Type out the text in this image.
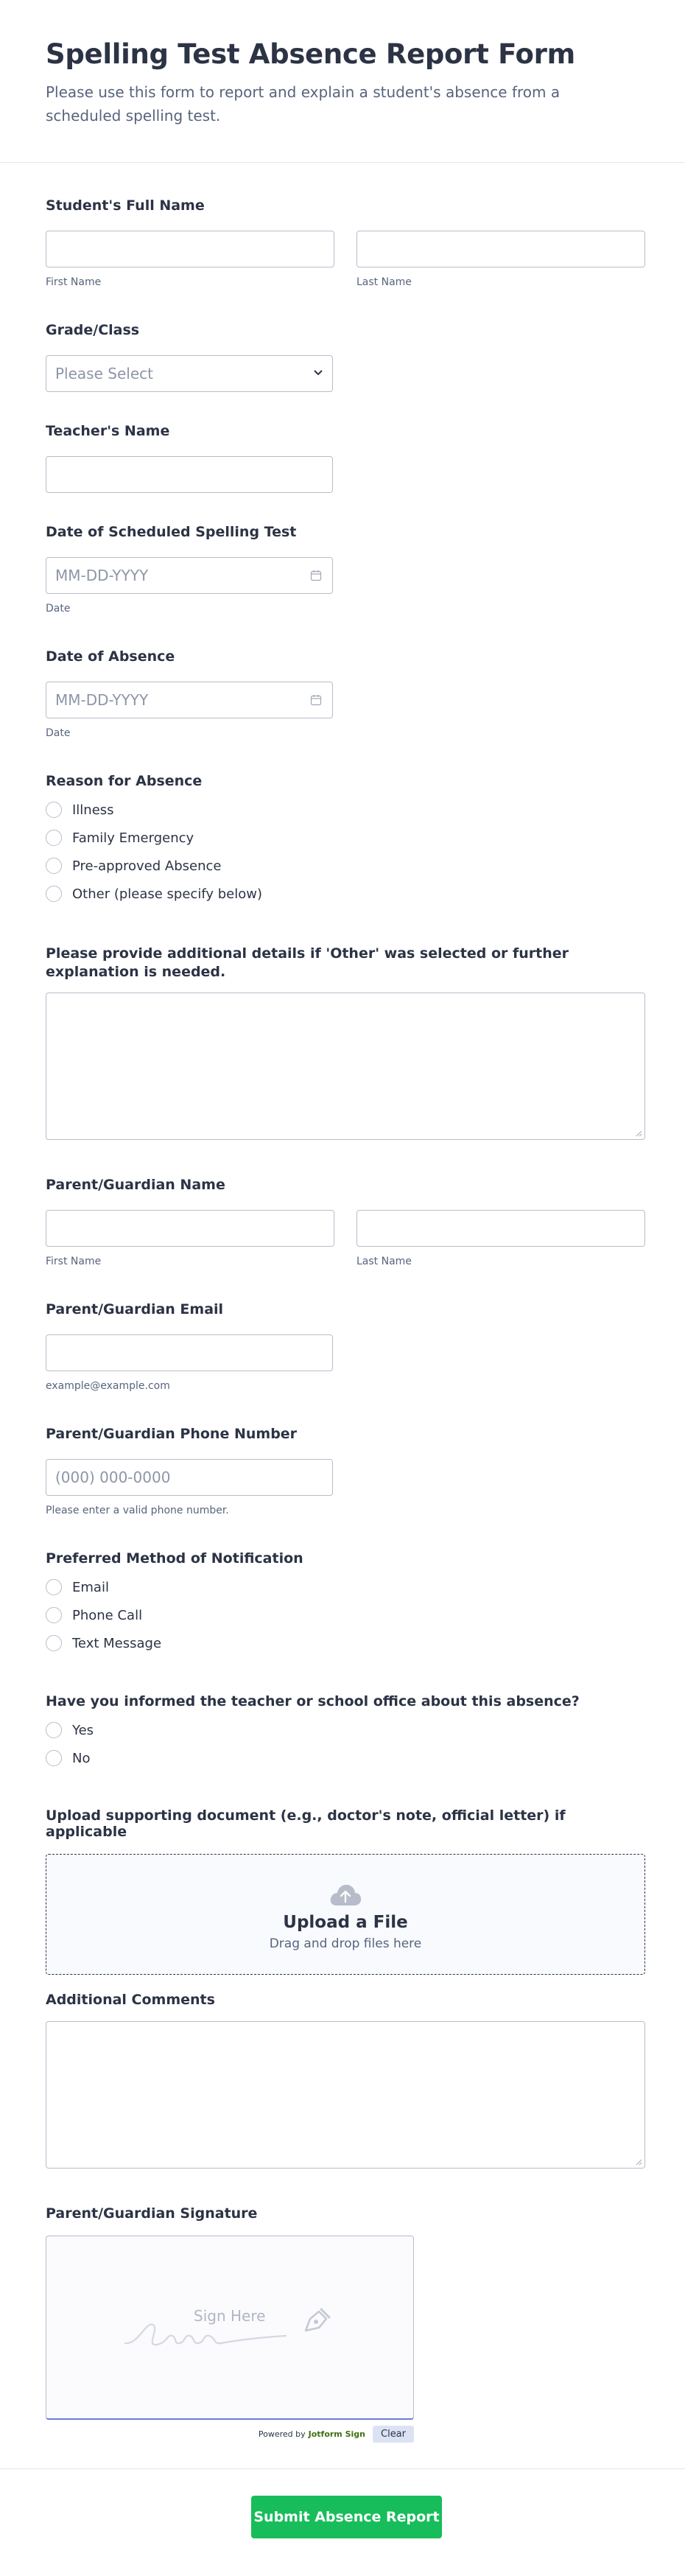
Spelling Test Absence Report Form

Please use this form to report and explain a student's absence from a scheduled spelling test.

Student's Full Name
First Name	Last Name
Grade/Class
Please Select
Teacher's Name
Date of Scheduled Spelling Test
MM-DD-YYYY
Date
Date of Absence
MM-DD-YYYY
Date
Reason for Absence
Illness
Family Emergency
Pre-approved Absence
Other (please specify below)
Please provide additional details if 'Other' was selected or further explanation is needed.
Parent/Guardian Name
First Name	Last Name
Parent/Guardian Email
example@example.com
Parent/Guardian Phone Number
(000) 000-0000
Please enter a valid phone number.
Preferred Method of Notification
Email
Phone Call
Text Message
Have you informed the teacher or school office about this absence?
Yes
No
Upload supporting document (e.g., doctor's note, official letter) if applicable
Upload a File
Drag and drop files here
Additional Comments
Parent/Guardian Signature
Sign Here
Powered by Jotform Sign	Clear
Submit Absence Report
